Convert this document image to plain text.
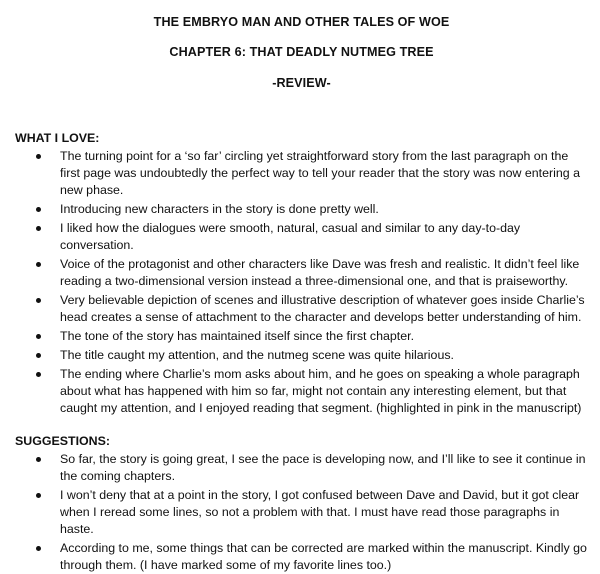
THE EMBRYO MAN AND OTHER TALES OF WOE

CHAPTER 6: THAT DEADLY NUTMEG TREE

-REVIEW-

WHAT I LOVE:

The turning point for a ‘so far’ circling yet straightforward story from the last paragraph on the first page was undoubtedly the perfect way to tell your reader that the story was now entering a new phase.
Introducing new characters in the story is done pretty well.
I liked how the dialogues were smooth, natural, casual and similar to any day-to-day conversation.
Voice of the protagonist and other characters like Dave was fresh and realistic. It didn’t feel like reading a two-dimensional version instead a three-dimensional one, and that is praiseworthy.
Very believable depiction of scenes and illustrative description of whatever goes inside Charlie’s head creates a sense of attachment to the character and develops better understanding of him.
The tone of the story has maintained itself since the first chapter.
The title caught my attention, and the nutmeg scene was quite hilarious.
The ending where Charlie’s mom asks about him, and he goes on speaking a whole paragraph about what has happened with him so far, might not contain any interesting element, but that caught my attention, and I enjoyed reading that segment. (highlighted in pink in the manuscript)

SUGGESTIONS:

So far, the story is going great, I see the pace is developing now, and I’ll like to see it continue in the coming chapters.
I won’t deny that at a point in the story, I got confused between Dave and David, but it got clear when I reread some lines, so not a problem with that. I must have read those paragraphs in haste.
According to me, some things that can be corrected are marked within the manuscript. Kindly go through them. (I have marked some of my favorite lines too.)
